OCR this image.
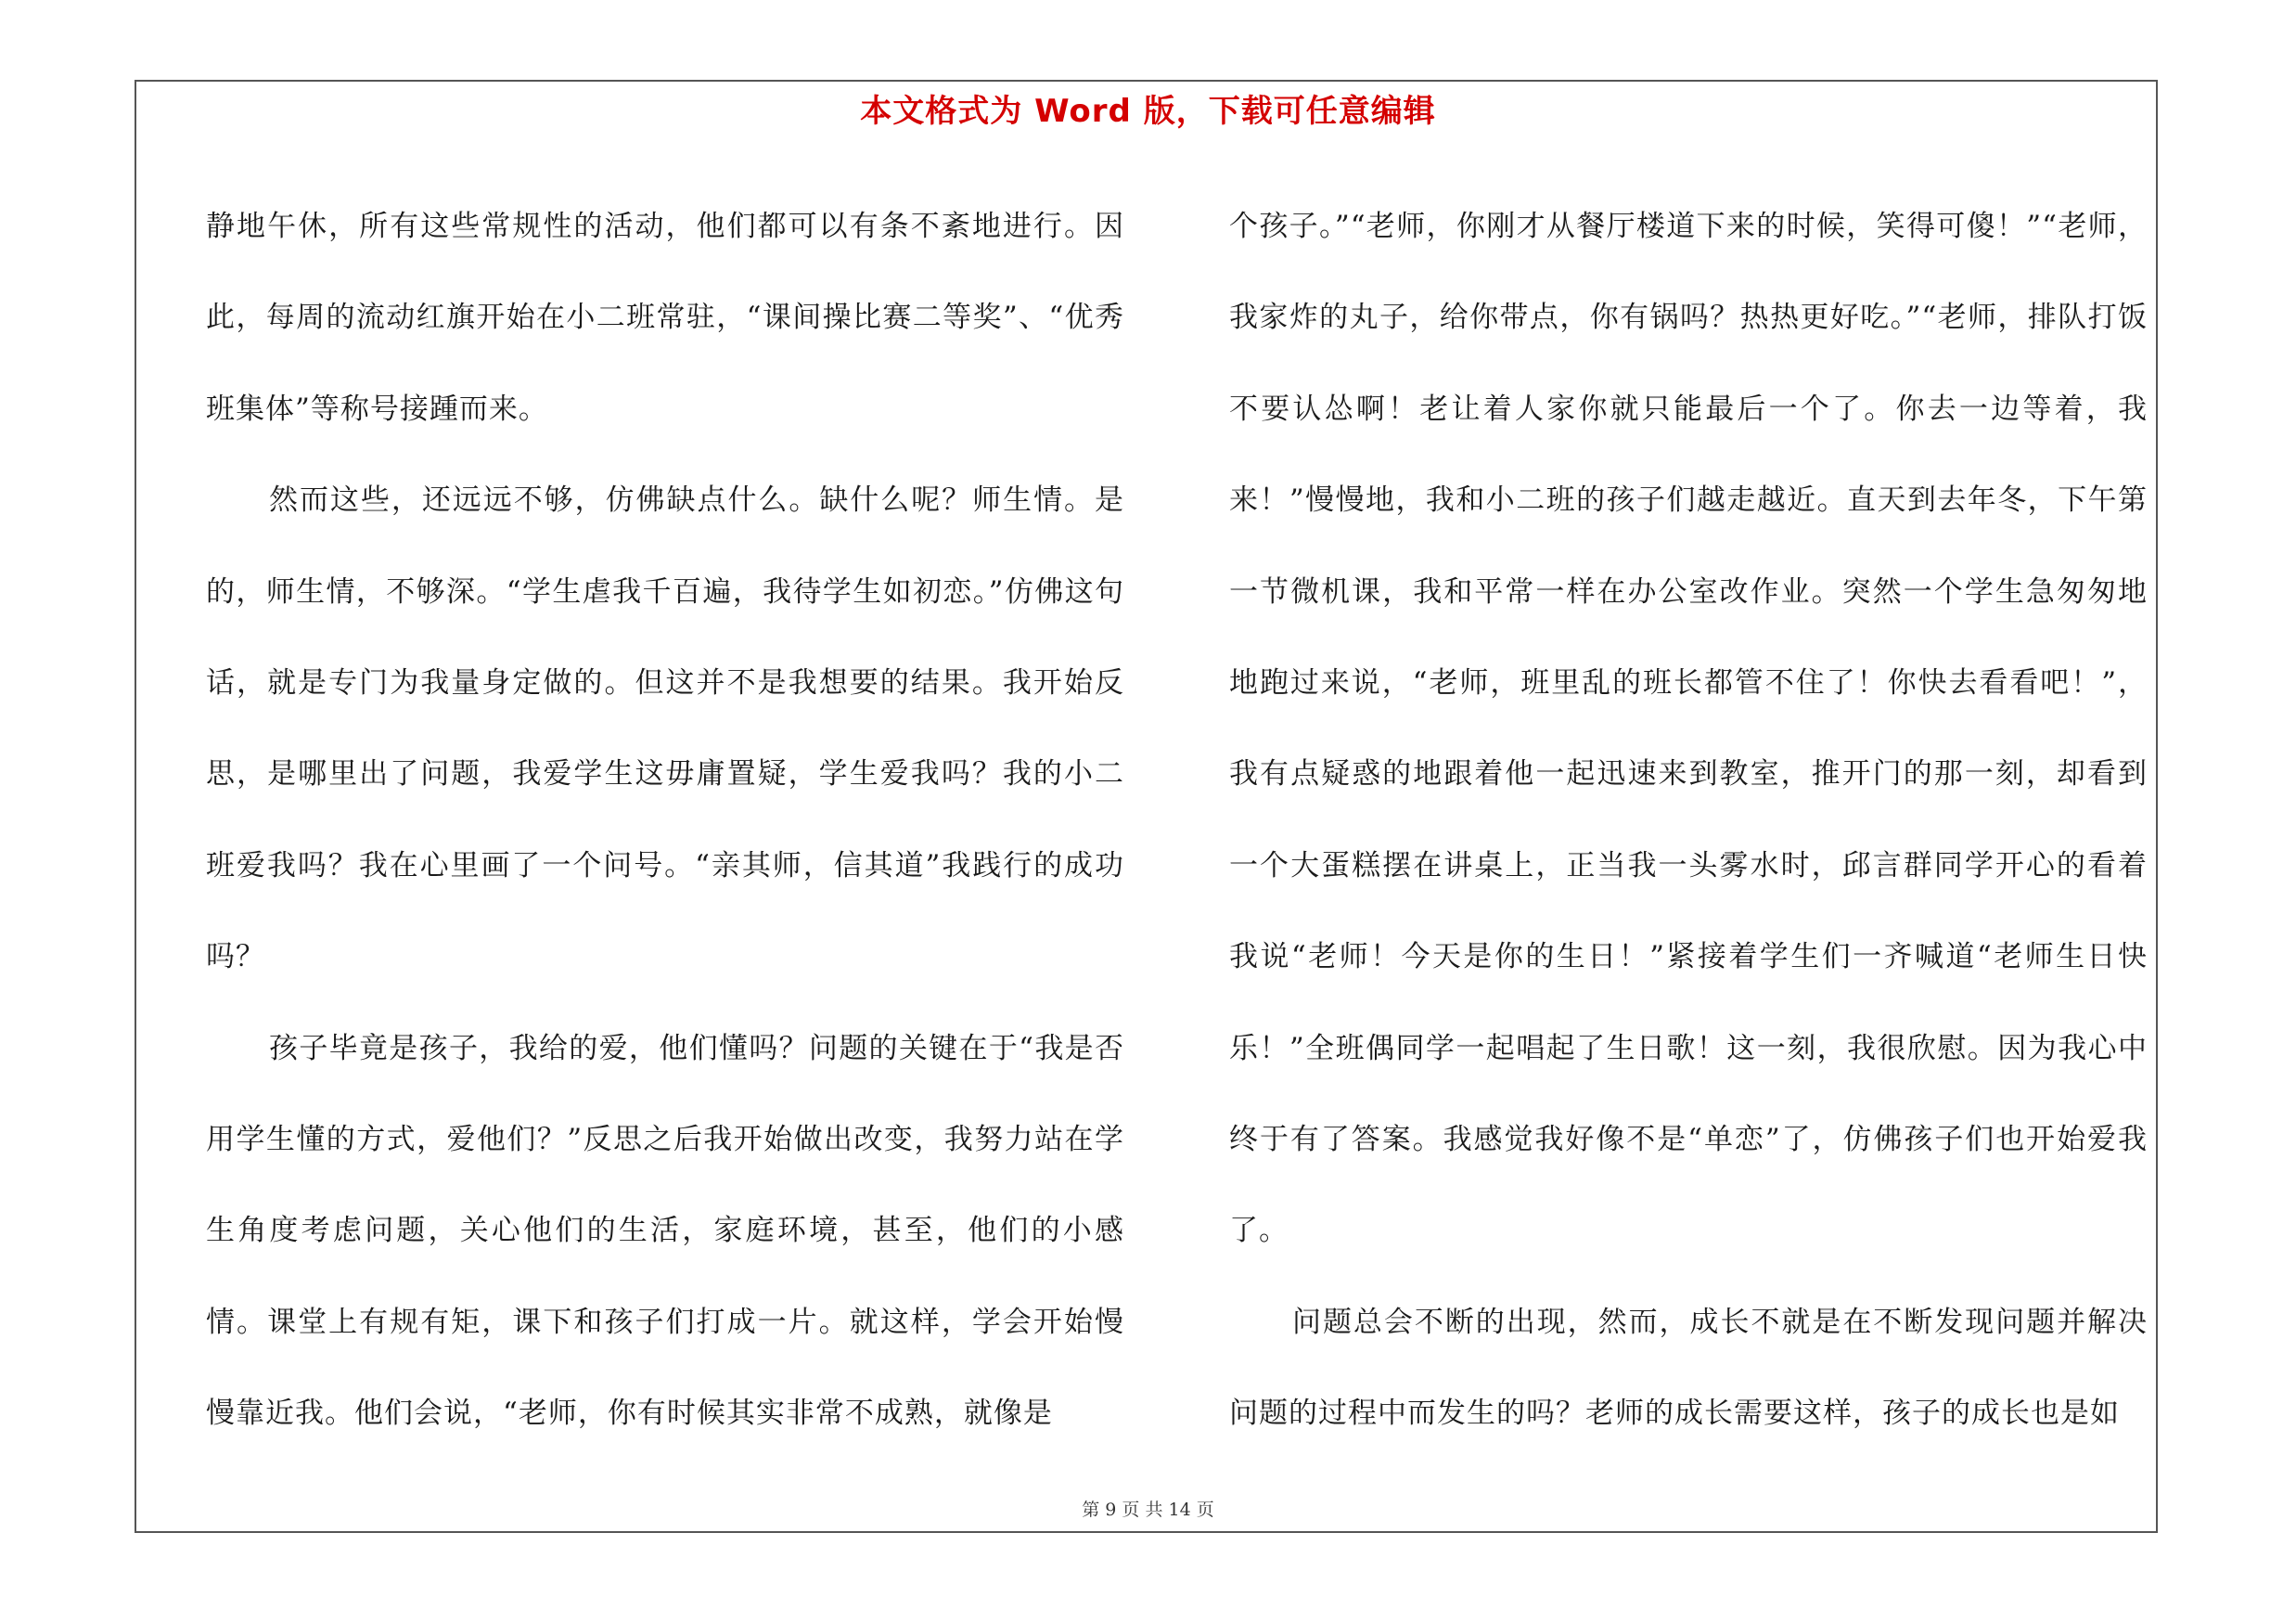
本文格式为 Word 版，下载可任意编辑

静地午休，所有这些常规性的活动，他们都可以有条不紊地进行。因此，每周的流动红旗开始在小二班常驻，“课间操比赛二等奖”、“优秀班集体”等称号接踵而来。

然而这些，还远远不够，仿佛缺点什么。缺什么呢？师生情。是的，师生情，不够深。“学生虐我千百遍，我待学生如初恋。”仿佛这句话，就是专门为我量身定做的。但这并不是我想要的结果。我开始反思，是哪里出了问题，我爱学生这毋庸置疑，学生爱我吗？我的小二班爱我吗？我在心里画了一个问号。“亲其师，信其道”我践行的成功吗？

孩子毕竟是孩子，我给的爱，他们懂吗？问题的关键在于“我是否用学生懂的方式，爱他们？”反思之后我开始做出改变，我努力站在学生角度考虑问题，关心他们的生活，家庭环境，甚至，他们的小感情。课堂上有规有矩，课下和孩子们打成一片。就这样，学会开始慢慢靠近我。他们会说，“老师，你有时候其实非常不成熟，就像是

个孩子。”“老师，你刚才从餐厅楼道下来的时候，笑得可傻！”“老师，我家炸的丸子，给你带点，你有锅吗？热热更好吃。”“老师，排队打饭不要认怂啊！老让着人家你就只能最后一个了。你去一边等着，我来！”慢慢地，我和小二班的孩子们越走越近。直天到去年冬，下午第一节微机课，我和平常一样在办公室改作业。突然一个学生急匆匆地地跑过来说，“老师，班里乱的班长都管不住了！你快去看看吧！”，我有点疑惑的地跟着他一起迅速来到教室，推开门的那一刻，却看到一个大蛋糕摆在讲桌上，正当我一头雾水时，邱言群同学开心的看着我说“老师！今天是你的生日！”紧接着学生们一齐喊道“老师生日快乐！”全班偶同学一起唱起了生日歌！这一刻，我很欣慰。因为我心中终于有了答案。我感觉我好像不是“单恋”了，仿佛孩子们也开始爱我了。

问题总会不断的出现，然而，成长不就是在不断发现问题并解决问题的过程中而发生的吗？老师的成长需要这样，孩子的成长也是如

第 9 页 共 14 页
